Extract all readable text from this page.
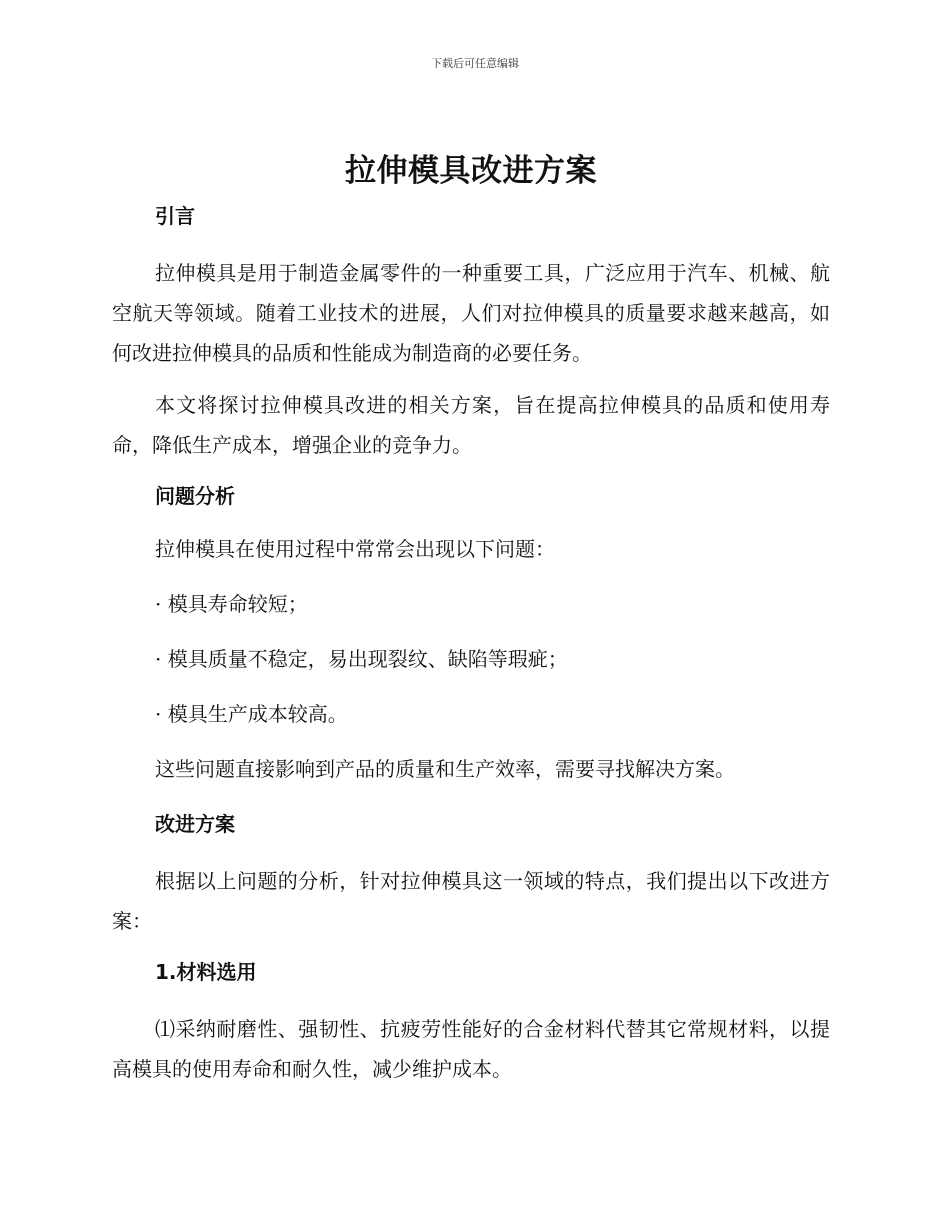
下载后可任意编辑
拉伸模具改进方案
引言

拉伸模具是用于制造金属零件的一种重要工具，广泛应用于汽车、机械、航空航天等领域。随着工业技术的进展，人们对拉伸模具的质量要求越来越高，如何改进拉伸模具的品质和性能成为制造商的必要任务。

本文将探讨拉伸模具改进的相关方案，旨在提高拉伸模具的品质和使用寿命，降低生产成本，增强企业的竞争力。

问题分析
拉伸模具在使用过程中常常会出现以下问题：
· 模具寿命较短；
· 模具质量不稳定，易出现裂纹、缺陷等瑕疵；
· 模具生产成本较高。
这些问题直接影响到产品的质量和生产效率，需要寻找解决方案。
改进方案

根据以上问题的分析，针对拉伸模具这一领域的特点，我们提出以下改进方案：

1.材料选用

⑴采纳耐磨性、强韧性、抗疲劳性能好的合金材料代替其它常规材料，以提高模具的使用寿命和耐久性，减少维护成本。
